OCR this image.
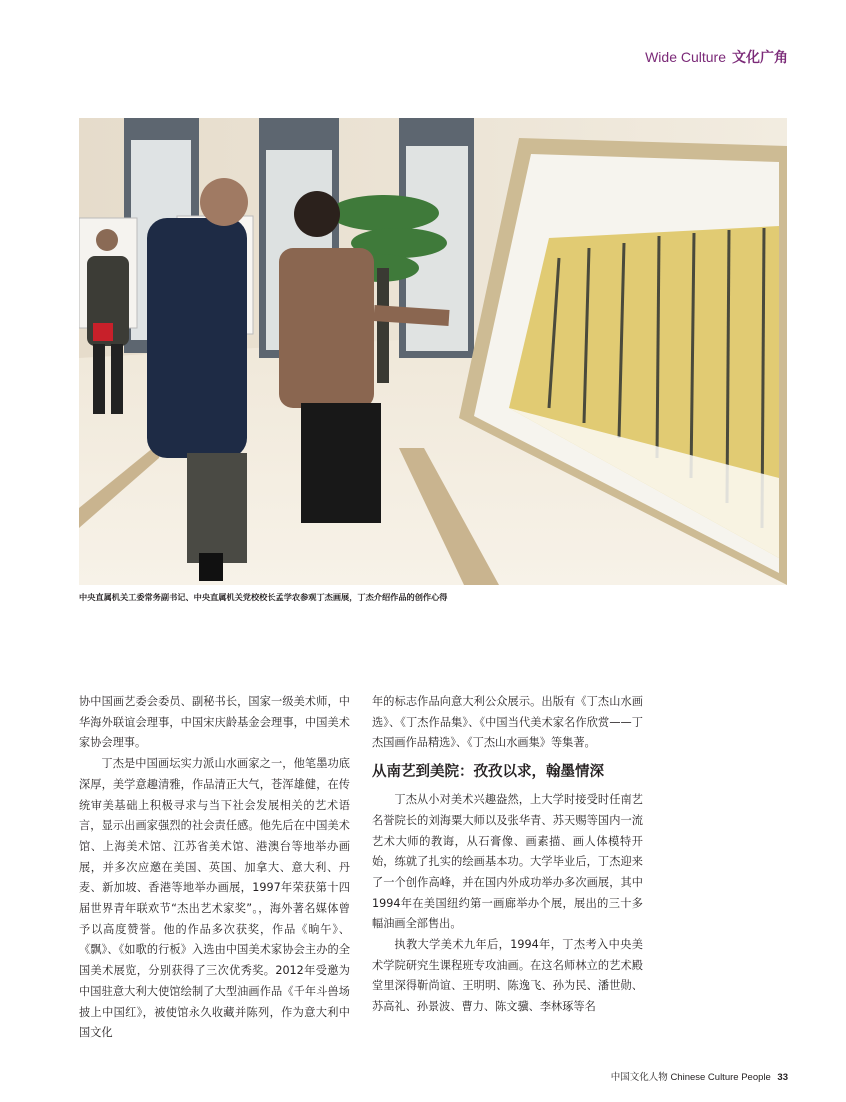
Wide Culture 文化广角
中央直属机关工委常务副书记、中央直属机关党校校长孟学农参观丁杰画展，丁杰介绍作品的创作心得

协中国画艺委会委员、副秘书长，国家一级美术师，中华海外联谊会理事，中国宋庆龄基金会理事，中国美术家协会理事。

丁杰是中国画坛实力派山水画家之一，他笔墨功底深厚，美学意趣清雅，作品清正大气，苍浑雄健，在传统审美基础上积极寻求与当下社会发展相关的艺术语言，显示出画家强烈的社会责任感。他先后在中国美术馆、上海美术馆、江苏省美术馆、港澳台等地举办画展，并多次应邀在美国、英国、加拿大、意大利、丹麦、新加坡、香港等地举办画展，1997年荣获第十四届世界青年联欢节“杰出艺术家奖”。，海外著名媒体曾予以高度赞誉。他的作品多次获奖，作品《晌午》、《飘》、《如歌的行板》入选由中国美术家协会主办的全国美术展览，分别获得了三次优秀奖。2012年受邀为中国驻意大利大使馆绘制了大型油画作品《千年斗兽场披上中国红》，被使馆永久收藏并陈列，作为意大利中国文化

年的标志作品向意大利公众展示。出版有《丁杰山水画选》、《丁杰作品集》、《中国当代美术家名作欣赏——丁杰国画作品精选》、《丁杰山水画集》等集著。

从南艺到美院：孜孜以求，翰墨情深

丁杰从小对美术兴趣盎然，上大学时接受时任南艺名誉院长的刘海粟大师以及张华青、苏天赐等国内一流艺术大师的教诲，从石膏像、画素描、画人体模特开始，练就了扎实的绘画基本功。大学毕业后，丁杰迎来了一个创作高峰，并在国内外成功举办多次画展，其中1994年在美国纽约第一画廊举办个展，展出的三十多幅油画全部售出。

执教大学美术九年后，1994年，丁杰考入中央美术学院研究生课程班专攻油画。在这名师林立的艺术殿堂里深得靳尚谊、王明明、陈逸飞、孙为民、潘世勋、苏高礼、孙景波、曹力、陈文骥、李林琢等名

中国文化人物 Chinese Culture People 33
